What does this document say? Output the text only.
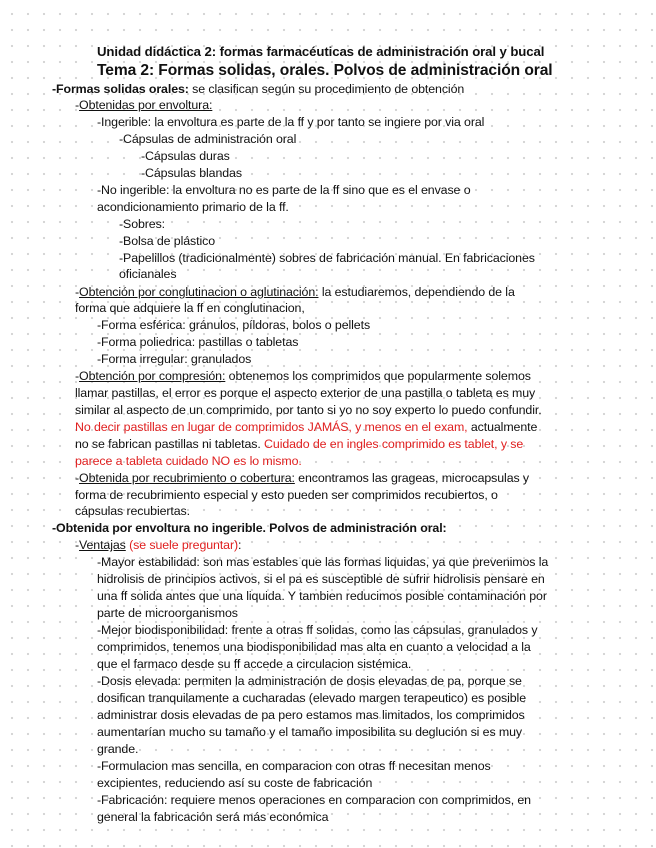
Unidad didáctica 2: formas farmacéuticas de administración oral y bucal
Tema 2: Formas solidas, orales. Polvos de administración oral
-Formas solidas orales: se clasifican según su procedimiento de obtención
-Obtenidas por envoltura:
-Ingerible: la envoltura es parte de la ff y por tanto se ingiere por via oral
-Cápsulas de administración oral
-Cápsulas duras
-Cápsulas blandas
-No ingerible: la envoltura no es parte de la ff sino que es el envase o
acondicionamiento primario de la ff.
-Sobres:
-Bolsa de plástico
-Papelillos (tradicionalmente) sobres de fabricación manual. En fabricaciones
oficianales
-Obtención por conglutinacion o aglutinación: la estudiaremos, dependiendo de la
forma que adquiere la ff en conglutinacion,
-Forma esférica: gránulos, píldoras, bolos o pellets
-Forma poliedrica: pastillas o tabletas
-Forma irregular: granulados
-Obtención por compresión: obtenemos los comprimidos que popularmente solemos
llamar pastillas, el error es porque el aspecto exterior de una pastilla o tableta es muy
similar al aspecto de un comprimido, por tanto si yo no soy experto lo puedo confundir.
No decir pastillas en lugar de comprimidos JAMÁS, y menos en el exam, actualmente
no se fabrican pastillas ni tabletas. Cuidado de en ingles comprimido es tablet, y se
parece a tableta cuidado NO es lo mismo.
-Obtenida por recubrimiento o cobertura: encontramos las grageas, microcapsulas y
forma de recubrimiento especial y esto pueden ser comprimidos recubiertos, o
cápsulas recubiertas.
-Obtenida por envoltura no ingerible. Polvos de administración oral:
-Ventajas (se suele preguntar):
-Mayor estabilidad: son mas estables que las formas liquidas, ya que prevenimos la
hidrolisis de principios activos, si el pa es susceptible de sufrir hidrolisis pensare en
una ff solida antes que una liquida. Y tambien reducimos posible contaminación por
parte de microorganismos
-Mejor biodisponibilidad: frente a otras ff solidas, como las cápsulas, granulados y
comprimidos, tenemos una biodisponibilidad mas alta en cuanto a velocidad a la
que el farmaco desde su ff accede a circulacion sistémica.
-Dosis elevada: permiten la administración de dosis elevadas de pa, porque se
dosifican tranquilamente a cucharadas (elevado margen terapeutico) es posible
administrar dosis elevadas de pa pero estamos mas limitados, los comprimidos
aumentarían mucho su tamaño y el tamaño imposibilita su deglución si es muy
grande.
-Formulacion mas sencilla, en comparacion con otras ff necesitan menos
excipientes, reduciendo así su coste de fabricación
-Fabricación: requiere menos operaciones en comparacion con comprimidos, en
general la fabricación será más económica
